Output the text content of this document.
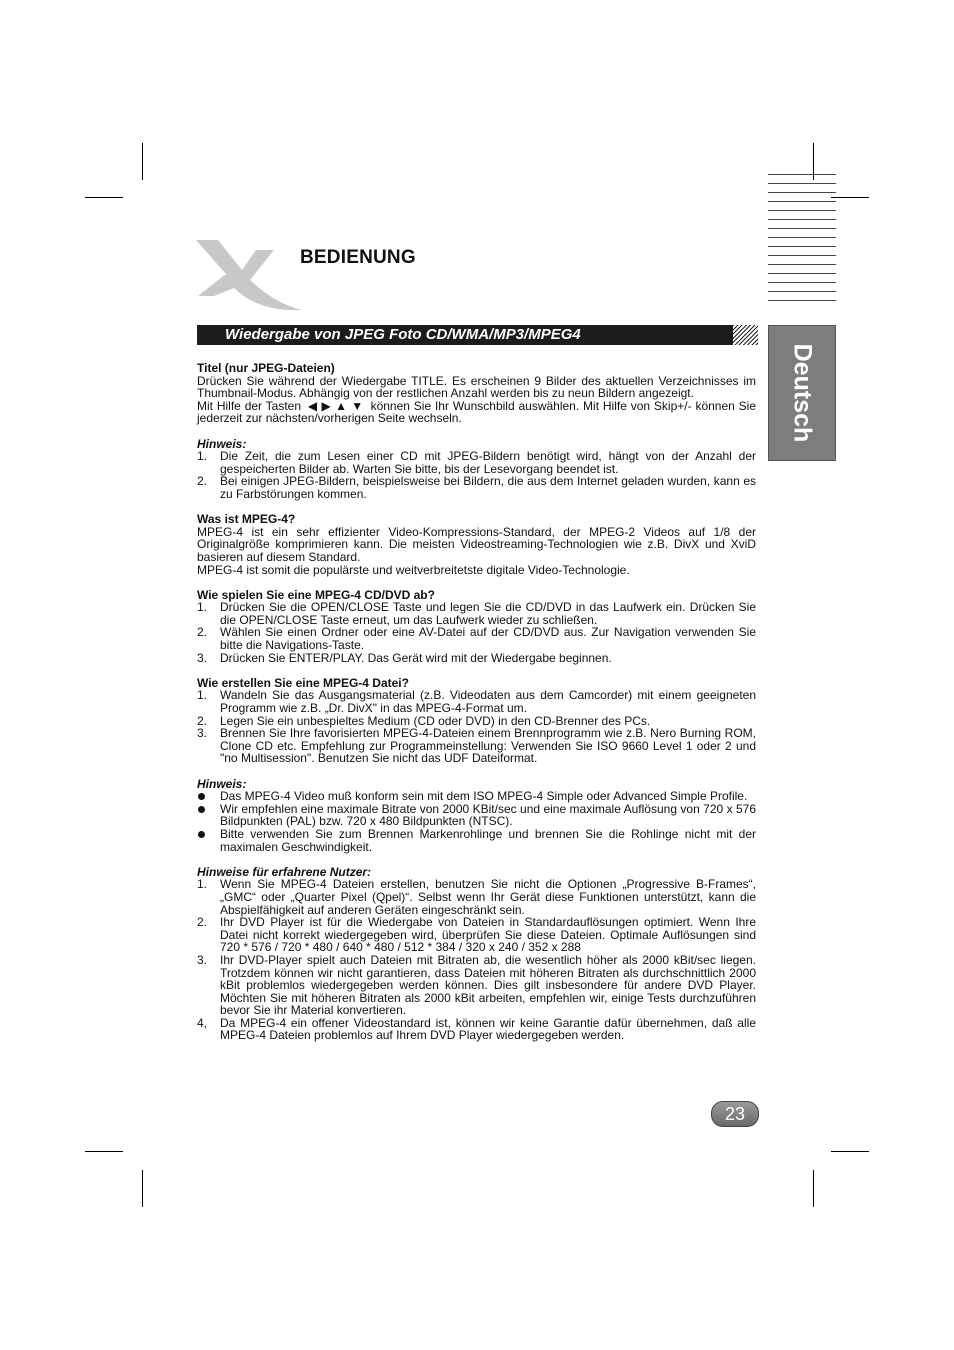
BEDIENUNG
Wiedergabe von JPEG Foto CD/WMA/MP3/MPEG4
Deutsch

Titel (nur JPEG-Dateien)

Drücken Sie während der Wiedergabe TITLE. Es erscheinen 9 Bilder des aktuellen Verzeichnisses im Thumbnail-Modus. Abhängig von der restlichen Anzahl werden bis zu neun Bildern angezeigt.

Mit Hilfe der Tasten ◀ ▶ ▲ ▼ können Sie Ihr Wunschbild auswählen. Mit Hilfe von Skip+/- können Sie jederzeit zur nächsten/vorherigen Seite wechseln.

Hinweis:

1.	Die Zeit, die zum Lesen einer CD mit JPEG-Bildern benötigt wird, hängt von der Anzahl der gespeicherten Bilder ab. Warten Sie bitte, bis der Lesevorgang beendet ist.
2.	Bei einigen JPEG-Bildern, beispielsweise bei Bildern, die aus dem Internet geladen wurden, kann es zu Farbstörungen kommen.

Was ist MPEG-4?

MPEG-4 ist ein sehr effizienter Video-Kompressions-Standard, der MPEG-2 Videos auf 1/8 der Originalgröße komprimieren kann. Die meisten Videostreaming-Technologien wie z.B. DivX und XviD basieren auf diesem Standard.

MPEG-4 ist somit die populärste und weitverbreitetste digitale Video-Technologie.

Wie spielen Sie eine MPEG-4 CD/DVD ab?

1.	Drücken Sie die OPEN/CLOSE Taste und legen Sie die CD/DVD in das Laufwerk ein. Drücken Sie die OPEN/CLOSE Taste erneut, um das Laufwerk wieder zu schließen.
2.	Wählen Sie einen Ordner oder eine AV-Datei auf der CD/DVD aus. Zur Navigation verwenden Sie bitte die Navigations-Taste.
3.	Drücken Sie ENTER/PLAY. Das Gerät wird mit der Wiedergabe beginnen.

Wie erstellen Sie eine MPEG-4 Datei?

1.	Wandeln Sie das Ausgangsmaterial (z.B. Videodaten aus dem Camcorder) mit einem geeigneten Programm wie z.B. „Dr. DivX" in das MPEG-4-Format um.
2.	Legen Sie ein unbespieltes Medium (CD oder DVD) in den CD-Brenner des PCs.
3.	Brennen Sie Ihre favorisierten MPEG-4-Dateien einem Brennprogramm wie z.B. Nero Burning ROM, Clone CD etc. Empfehlung zur Programmeinstellung: Verwenden Sie ISO 9660 Level 1 oder 2 und "no Multisession". Benutzen Sie nicht das UDF Dateiformat.

Hinweis:

Das MPEG-4 Video muß konform sein mit dem ISO MPEG-4 Simple oder Advanced Simple Profile.
Wir empfehlen eine maximale Bitrate von 2000 KBit/sec und eine maximale Auflösung von 720 x 576 Bildpunkten (PAL) bzw. 720 x 480 Bildpunkten (NTSC).
Bitte verwenden Sie zum Brennen Markenrohlinge und brennen Sie die Rohlinge nicht mit der maximalen Geschwindigkeit.

Hinweise für erfahrene Nutzer:

1.	Wenn Sie MPEG-4 Dateien erstellen, benutzen Sie nicht die Optionen „Progressive B-Frames“, „GMC“ oder „Quarter Pixel (Qpel)“. Selbst wenn Ihr Gerät diese Funktionen unterstützt, kann die Abspielfähigkeit auf anderen Geräten eingeschränkt sein.
2.	Ihr DVD Player ist für die Wiedergabe von Dateien in Standardauflösungen optimiert. Wenn Ihre Datei nicht korrekt wiedergegeben wird, überprüfen Sie diese Dateien. Optimale Auflösungen sind 720 * 576 / 720 * 480 / 640 * 480 / 512 * 384 / 320 x 240 / 352 x 288
3.	Ihr DVD-Player spielt auch Dateien mit Bitraten ab, die wesentlich höher als 2000 kBit/sec liegen. Trotzdem können wir nicht garantieren, dass Dateien mit höheren Bitraten als durchschnittlich 2000 kBit problemlos wiedergegeben werden können. Dies gilt insbesondere für andere DVD Player. Möchten Sie mit höheren Bitraten als 2000 kBit arbeiten, empfehlen wir, einige Tests durchzuführen bevor Sie ihr Material konvertieren.
4,	Da MPEG-4 ein offener Videostandard ist, können wir keine Garantie dafür übernehmen, daß alle MPEG-4 Dateien problemlos auf Ihrem DVD Player wiedergegeben werden.
23
